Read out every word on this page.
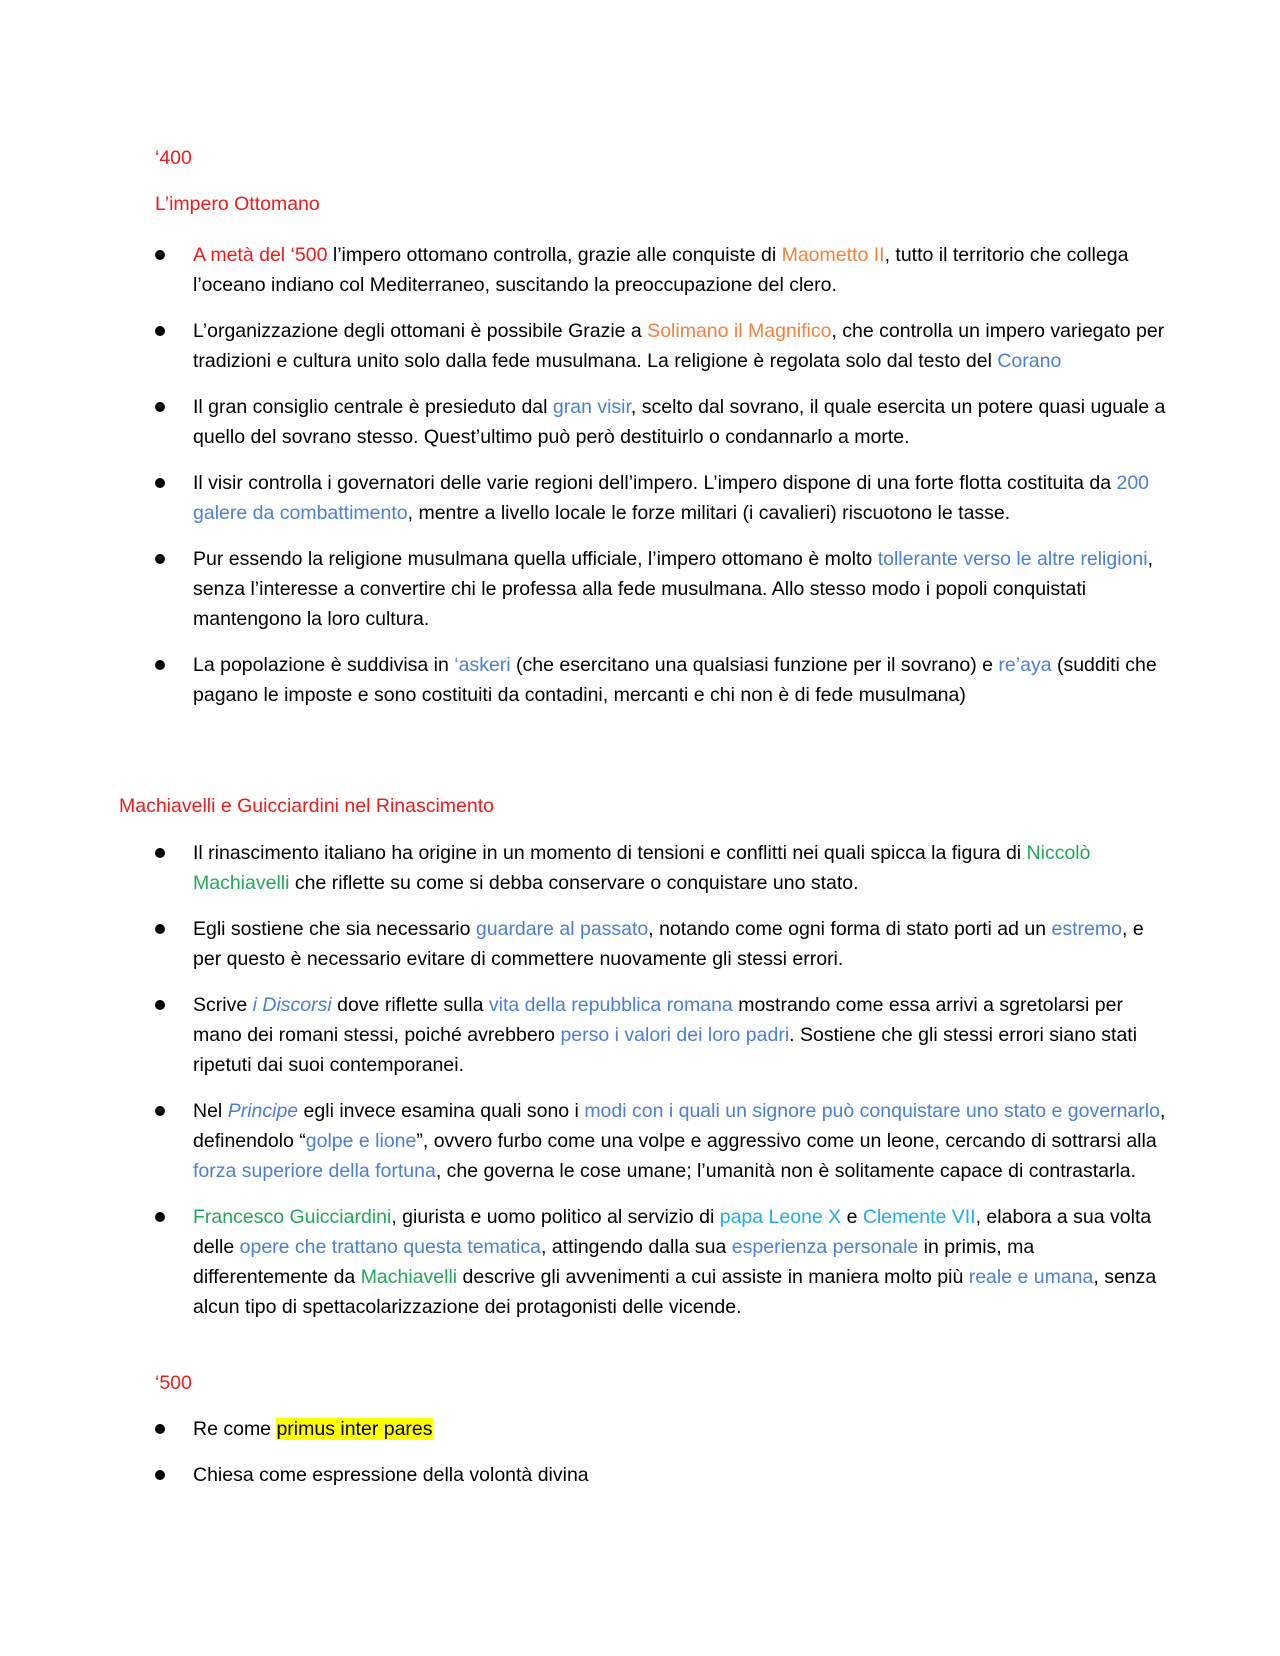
‘400
L’impero Ottomano
A metà del ‘500 l’impero ottomano controlla, grazie alle conquiste di Maometto II, tutto il territorio che collega l’oceano indiano col Mediterraneo, suscitando la preoccupazione del clero.
L’organizzazione degli ottomani è possibile Grazie a Solimano il Magnifico, che controlla un impero variegato per tradizioni e cultura unito solo dalla fede musulmana. La religione è regolata solo dal testo del Corano
Il gran consiglio centrale è presieduto dal gran visir, scelto dal sovrano, il quale esercita un potere quasi uguale a quello del sovrano stesso. Quest’ultimo può però destituirlo o condannarlo a morte.
Il visir controlla i governatori delle varie regioni dell’impero. L’impero dispone di una forte flotta costituita da 200 galere da combattimento, mentre a livello locale le forze militari (i cavalieri) riscuotono le tasse.
Pur essendo la religione musulmana quella ufficiale, l’impero ottomano è molto tollerante verso le altre religioni, senza l’interesse a convertire chi le professa alla fede musulmana. Allo stesso modo i popoli conquistati mantengono la loro cultura.
La popolazione è suddivisa in ‘askeri (che esercitano una qualsiasi funzione per il sovrano) e re’aya (sudditi che pagano le imposte e sono costituiti da contadini, mercanti e chi non è di fede musulmana)
Machiavelli e Guicciardini nel Rinascimento
Il rinascimento italiano ha origine in un momento di tensioni e conflitti nei quali spicca la figura di Niccolò Machiavelli che riflette su come si debba conservare o conquistare uno stato.
Egli sostiene che sia necessario guardare al passato, notando come ogni forma di stato porti ad un estremo, e per questo è necessario evitare di commettere nuovamente gli stessi errori.
Scrive i Discorsi dove riflette sulla vita della repubblica romana mostrando come essa arrivi a sgretolarsi per mano dei romani stessi, poiché avrebbero perso i valori dei loro padri. Sostiene che gli stessi errori siano stati ripetuti dai suoi contemporanei.
Nel Principe egli invece esamina quali sono i modi con i quali un signore può conquistare uno stato e governarlo, definendolo “golpe e lione”, ovvero furbo come una volpe e aggressivo come un leone, cercando di sottrarsi alla forza superiore della fortuna, che governa le cose umane; l’umanità non è solitamente capace di contrastarla.
Francesco Guicciardini, giurista e uomo politico al servizio di papa Leone X e Clemente VII, elabora a sua volta delle opere che trattano questa tematica, attingendo dalla sua esperienza personale in primis, ma differentemente da Machiavelli descrive gli avvenimenti a cui assiste in maniera molto più reale e umana, senza alcun tipo di spettacolarizzazione dei protagonisti delle vicende.
‘500
Re come primus inter pares
Chiesa come espressione della volontà divina
